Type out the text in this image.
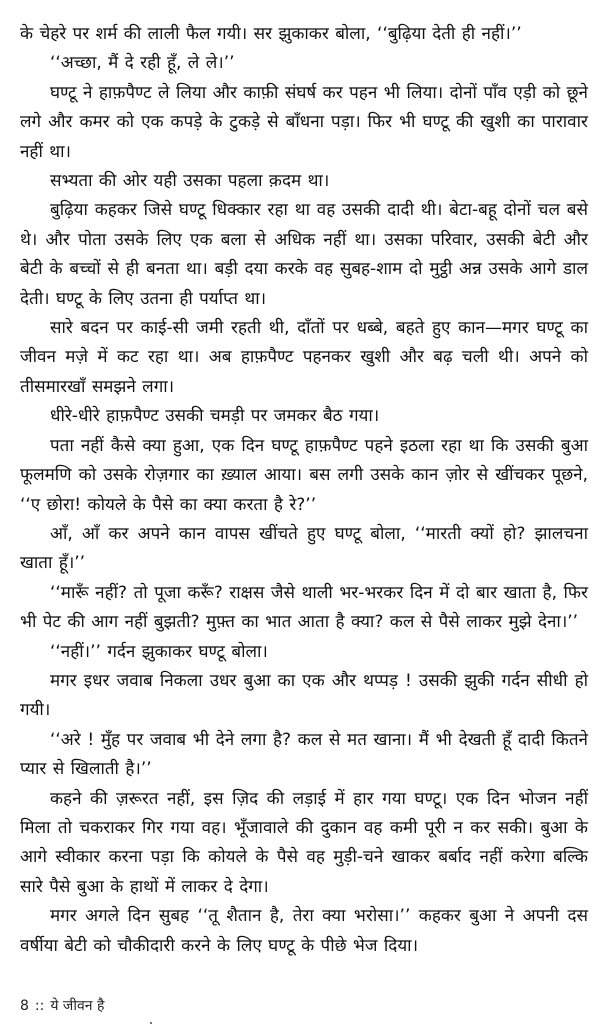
के चेहरे पर शर्म की लाली फैल गयी। सर झुकाकर बोला, ‘‘बुढ़िया देती ही नहीं।’’

‘‘अच्छा, मैं दे रही हूँ, ले ले।’’

घण्टू ने हाफ़पैण्ट ले लिया और काफ़ी संघर्ष कर पहन भी लिया। दोनों पाँव एड़ी को छूने लगे और कमर को एक कपड़े के टुकड़े से बाँधना पड़ा। फिर भी घण्टू की खुशी का पारावार नहीं था।

सभ्यता की ओर यही उसका पहला क़दम था।

बुढ़िया कहकर जिसे घण्टू धिक्कार रहा था वह उसकी दादी थी। बेटा-बहू दोनों चल बसे थे। और पोता उसके लिए एक बला से अधिक नहीं था। उसका परिवार, उसकी बेटी और बेटी के बच्चों से ही बनता था। बड़ी दया करके वह सुबह-शाम दो मुट्ठी अन्न उसके आगे डाल देती। घण्टू के लिए उतना ही पर्याप्त था।

सारे बदन पर काई-सी जमी रहती थी, दाँतों पर धब्बे, बहते हुए कान—मगर घण्टू का जीवन मज़े में कट रहा था। अब हाफ़पैण्ट पहनकर खुशी और बढ़ चली थी। अपने को तीसमारखाँ समझने लगा।

धीरे-धीरे हाफ़पैण्ट उसकी चमड़ी पर जमकर बैठ गया।

पता नहीं कैसे क्या हुआ, एक दिन घण्टू हाफ़पैण्ट पहने इठला रहा था कि उसकी बुआ फूलमणि को उसके रोज़गार का ख़्याल आया। बस लगी उसके कान ज़ोर से खींचकर पूछने, ‘‘ए छोरा! कोयले के पैसे का क्या करता है रे?’’

आँ, आँ कर अपने कान वापस खींचते हुए घण्टू बोला, ‘‘मारती क्यों हो? झालचना खाता हूँ।’’

‘‘मारूँ नहीं? तो पूजा करूँ? राक्षस जैसे थाली भर-भरकर दिन में दो बार खाता है, फिर भी पेट की आग नहीं बुझती? मुफ़्त का भात आता है क्या? कल से पैसे लाकर मुझे देना।’’

‘‘नहीं।’’ गर्दन झुकाकर घण्टू बोला।

मगर इधर जवाब निकला उधर बुआ का एक और थप्पड़ ! उसकी झुकी गर्दन सीधी हो गयी।

‘‘अरे ! मुँह पर जवाब भी देने लगा है? कल से मत खाना। मैं भी देखती हूँ दादी कितने प्यार से खिलाती है।’’

कहने की ज़रूरत नहीं, इस ज़िद की लड़ाई में हार गया घण्टू। एक दिन भोजन नहीं मिला तो चकराकर गिर गया वह। भूँजावाले की दुकान वह कमी पूरी न कर सकी। बुआ के आगे स्वीकार करना पड़ा कि कोयले के पैसे वह मुड़ी-चने खाकर बर्बाद नहीं करेगा बल्कि सारे पैसे बुआ के हाथों में लाकर दे देगा।

मगर अगले दिन सुबह ‘‘तू शैतान है, तेरा क्या भरोसा।’’ कहकर बुआ ने अपनी दस वर्षीया बेटी को चौकीदारी करने के लिए घण्टू के पीछे भेज दिया।

8 :: ये जीवन है
